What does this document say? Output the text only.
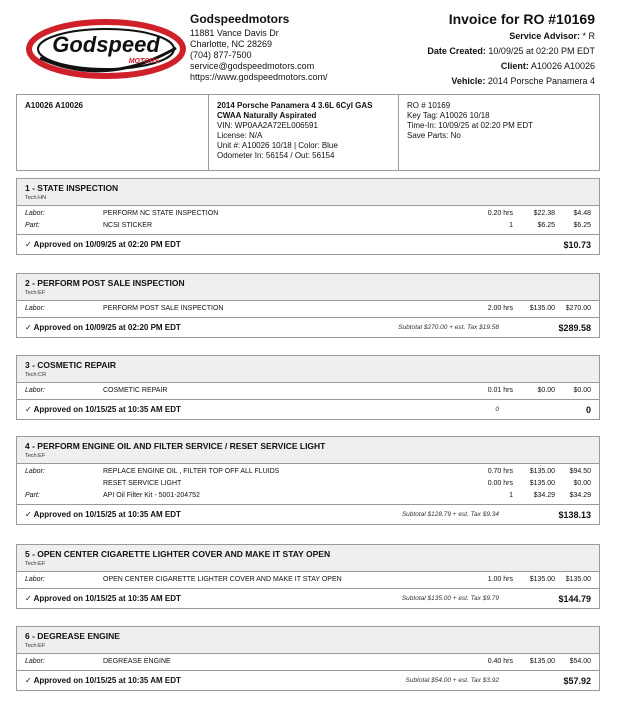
Godspeed
MOTORS
Godspeedmotors
11881 Vance Davis Dr
Charlotte, NC 28269
(704) 877-7500
service@godspeedmotors.com
https://www.godspeedmotors.com/
Invoice for RO #10169
Service Advisor: * R
Date Created: 10/09/25 at 02:20 PM EDT
Client: A10026 A10026
Vehicle: 2014 Porsche Panamera 4
A10026 A10026	2014 Porsche Panamera 4 3.6L 6Cyl GAS
CWAA Naturally Aspirated
VIN: WP0AA2A72EL006591
License: N/A
Unit #: A10026 10/18 | Color: Blue
Odometer In: 56154 / Out: 56154
RO # 10169
Key Tag: A10026 10/18
Time-In: 10/09/25 at 02:20 PM EDT
Save Parts: No
1 - STATE INSPECTION
Tech:HN
Labor:	PERFORM NC STATE INSPECTION	0.20 hrs	$22.38	$4.48
Part:	NCSI STICKER	1	$6.25	$6.25
✓ Approved on 10/09/25 at 02:20 PM EDT	$10.73
2 - PERFORM POST SALE INSPECTION
Tech:EF
Labor:	PERFORM POST SALE INSPECTION	2.00 hrs $135.00 $270.00
✓ Approved on 10/09/25 at 02:20 PM EDT	Subtotal $270.00 + est. Tax $19.58	$289.58
3 - COSMETIC REPAIR
Tech:CR
Labor:	COSMETIC REPAIR	0.01 hrs	$0.00	$0.00
✓ Approved on 10/15/25 at 10:35 AM EDT	0	0
4 - PERFORM ENGINE OIL AND FILTER SERVICE / RESET SERVICE LIGHT
Tech:EF
Labor:	REPLACE ENGINE OIL , FILTER TOP OFF ALL FLUIDS	0.70 hrs $135.00 $94.50
RESET SERVICE LIGHT	0.00 hrs $135.00	$0.00
Part:	API Oil Filter Kit - 5001-204752	1	$34.29 $34.29
✓ Approved on 10/15/25 at 10:35 AM EDT	Subtotal $128.79 + est. Tax $9.34	$138.13
5 - OPEN CENTER CIGARETTE LIGHTER COVER AND MAKE IT STAY OPEN
Tech:EF
Labor:	OPEN CENTER CIGARETTE LIGHTER COVER AND MAKE IT STAY OPEN	1.00 hrs $135.00 $135.00
✓ Approved on 10/15/25 at 10:35 AM EDT	Subtotal $135.00 + est. Tax $9.79	$144.79
6 - DEGREASE ENGINE
Tech:EF
Labor:	DEGREASE ENGINE	0.40 hrs $135.00 $54.00
✓ Approved on 10/15/25 at 10:35 AM EDT	Subtotal $54.00 + est. Tax $3.92	$57.92
